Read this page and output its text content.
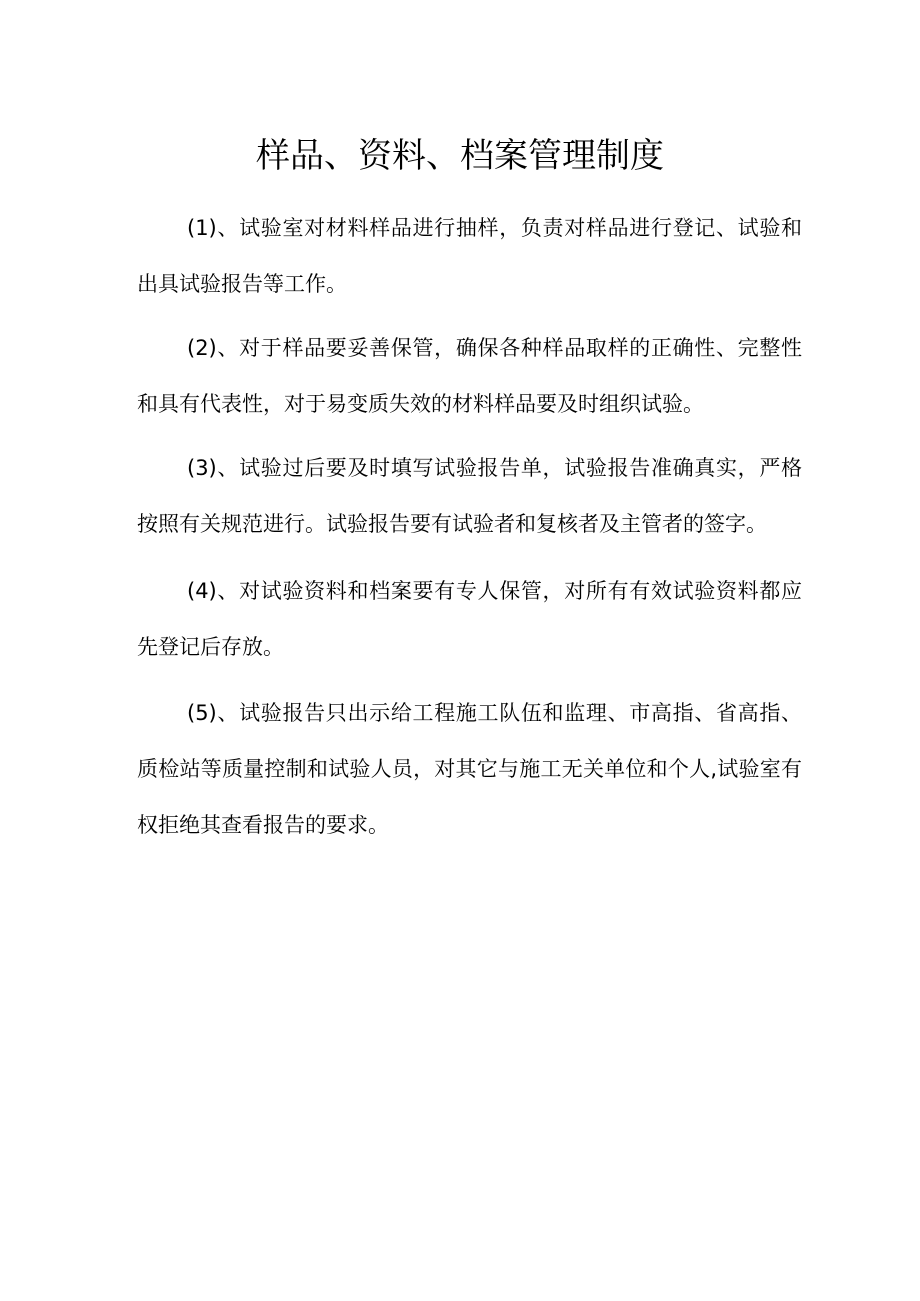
样品、资料、档案管理制度

(1)、试验室对材料样品进行抽样，负责对样品进行登记、试验和出具试验报告等工作。

(2)、对于样品要妥善保管，确保各种样品取样的正确性、完整性和具有代表性，对于易变质失效的材料样品要及时组织试验。

(3)、试验过后要及时填写试验报告单，试验报告准确真实，严格按照有关规范进行。试验报告要有试验者和复核者及主管者的签字。

(4)、对试验资料和档案要有专人保管，对所有有效试验资料都应先登记后存放。

(5)、试验报告只出示给工程施工队伍和监理、市高指、省高指、质检站等质量控制和试验人员，对其它与施工无关单位和个人,试验室有权拒绝其查看报告的要求。
